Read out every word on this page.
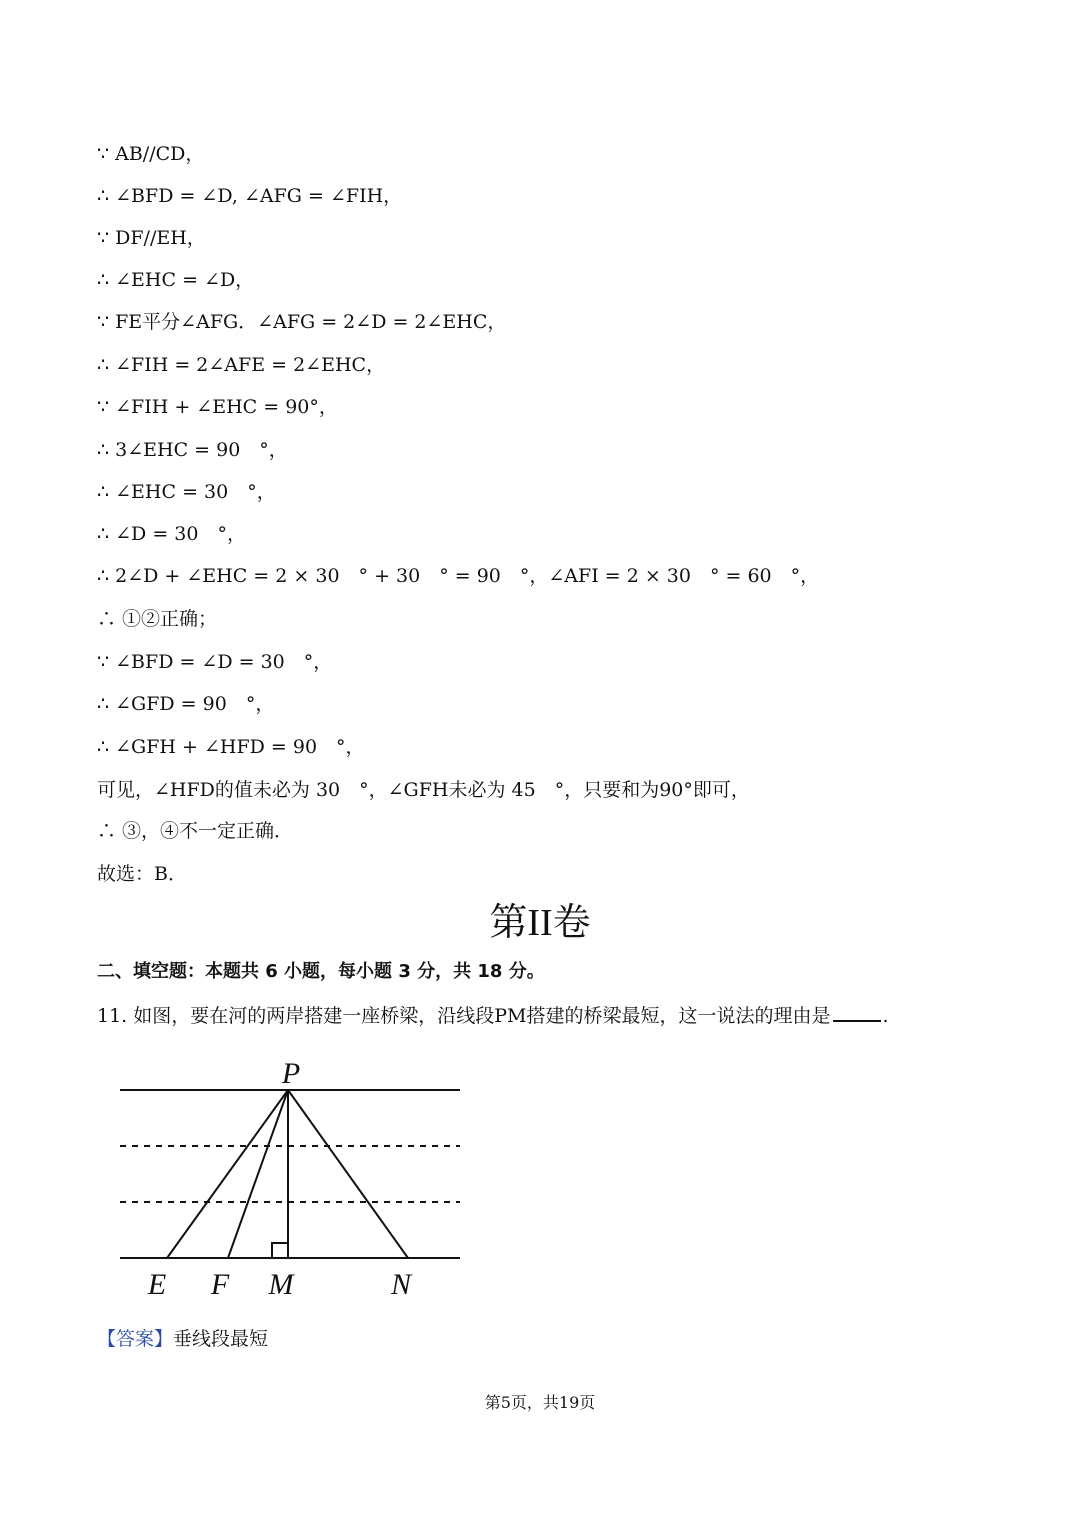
∵ AB//CD，
∴ ∠BFD = ∠D, ∠AFG = ∠FIH，
∵ DF//EH，
∴ ∠EHC = ∠D，
∵ FE平分∠AFG．∠AFG = 2∠D = 2∠EHC，
∴ ∠FIH = 2∠AFE = 2∠EHC，
∵ ∠FIH + ∠EHC = 90°，
∴ 3∠EHC = 90　°，
∴ ∠EHC = 30　°，
∴ ∠D = 30　°，
∴ 2∠D + ∠EHC = 2 × 30　° + 30　° = 90　°，∠AFI = 2 × 30　° = 60　°，
∴ ①②正确；
∵ ∠BFD = ∠D = 30　°，
∴ ∠GFD = 90　°，
∴ ∠GFH + ∠HFD = 90　°，
可见，∠HFD的值未必为 30　°，∠GFH未必为 45　°，只要和为90°即可，
∴ ③，④不一定正确．
故选：B．
第II卷
二、填空题：本题共 6 小题，每小题 3 分，共 18 分。
11. 如图，要在河的两岸搭建一座桥梁，沿线段PM搭建的桥梁最短，这一说法的理由是	.
P
E F M	N
【答案】垂线段最短
第5页，共19页
